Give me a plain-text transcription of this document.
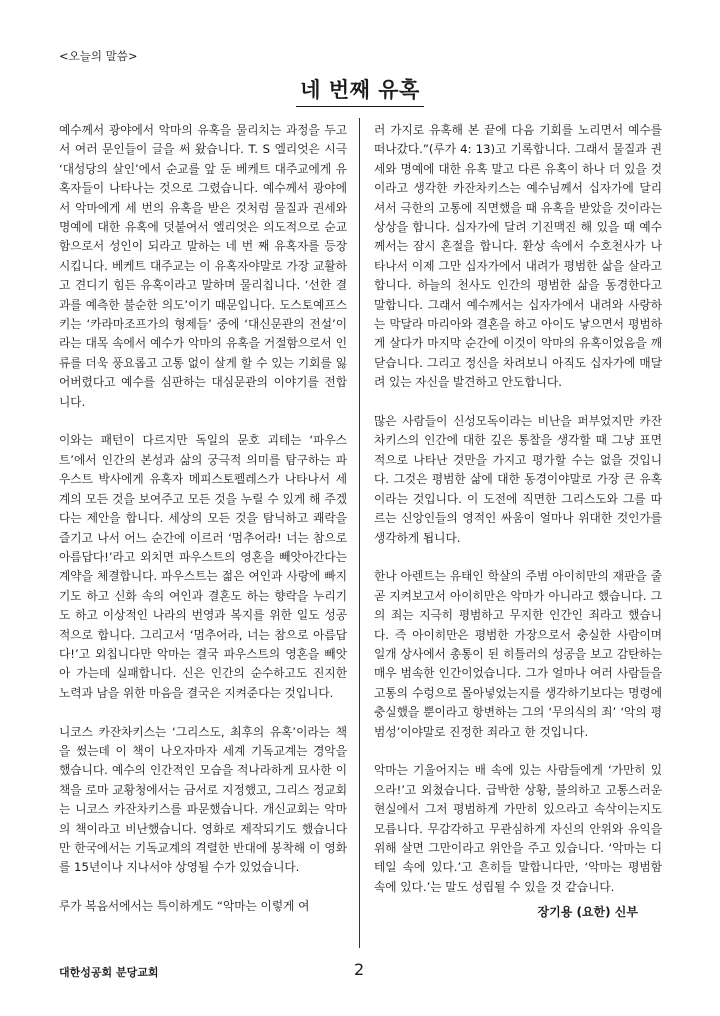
<오늘의 말씀>
네 번째 유혹

예수께서 광야에서 악마의 유혹을 물리치는 과정을 두고서 여러 문인들이 글을 써 왔습니다. T. S 엘리엇은 시극 ‘대성당의 살인’에서 순교를 앞 둔 베케트 대주교에게 유혹자들이 나타나는 것으로 그렸습니다. 예수께서 광야에서 악마에게 세 번의 유혹을 받은 것처럼 물질과 권세와 명예에 대한 유혹에 덧붙여서 엘리엇은 의도적으로 순교함으로서 성인이 되라고 말하는 네 번 째 유혹자를 등장시킵니다. 베케트 대주교는 이 유혹자야말로 가장 교활하고 견디기 힘든 유혹이라고 말하며 물리칩니다. ‘선한 결과를 예측한 불순한 의도’이기 때문입니다. 도스토예프스키는 ‘카라마조프가의 형제들’ 중에 ‘대신문관의 전설’이라는 대목 속에서 예수가 악마의 유혹을 거절함으로서 인류를 더욱 풍요롭고 고통 없이 살게 할 수 있는 기회를 잃어버렸다고 예수를 심판하는 대심문관의 이야기를 전합니다.

이와는 패턴이 다르지만 독일의 문호 괴테는 ‘파우스트’에서 인간의 본성과 삶의 궁극적 의미를 탐구하는 파우스트 박사에게 유혹자 메피스토펠레스가 나타나서 세계의 모든 것을 보여주고 모든 것을 누릴 수 있게 해 주겠다는 제안을 합니다. 세상의 모든 것을 탐닉하고 쾌락을 즐기고 나서 어느 순간에 이르러 ‘멈추어라! 너는 참으로 아름답다!’라고 외치면 파우스트의 영혼을 빼앗아간다는 계약을 체결합니다. 파우스트는 젊은 여인과 사랑에 빠지기도 하고 신화 속의 여인과 결혼도 하는 향락을 누리기도 하고 이상적인 나라의 번영과 복지를 위한 일도 성공적으로 합니다. 그리고서 ‘멈추어라, 너는 참으로 아름답다!’고 외칩니다만 악마는 결국 파우스트의 영혼을 빼앗아 가는데 실패합니다. 신은 인간의 순수하고도 진지한 노력과 남을 위한 마음을 결국은 지켜준다는 것입니다.

니코스 카잔차키스는 ‘그리스도, 최후의 유혹’이라는 책을 썼는데 이 책이 나오자마자 세계 기독교계는 경악을 했습니다. 예수의 인간적인 모습을 적나라하게 묘사한 이 책을 로마 교황청에서는 금서로 지정했고, 그리스 정교회는 니코스 카잔차키스를 파문했습니다. 개신교회는 악마의 책이라고 비난했습니다. 영화로 제작되기도 했습니다만 한국에서는 기독교계의 격렬한 반대에 봉착해 이 영화를 15년이나 지나서야 상영될 수가 있었습니다.

루가 복음서에서는 특이하게도 “악마는 이렇게 여

러 가지로 유혹해 본 끝에 다음 기회를 노리면서 예수를 떠나갔다.”(루가 4: 13)고 기록합니다. 그래서 물질과 권세와 명예에 대한 유혹 말고 다른 유혹이 하나 더 있을 것이라고 생각한 카잔차키스는 예수님께서 십자가에 달리셔서 극한의 고통에 직면했을 때 유혹을 받았을 것이라는 상상을 합니다. 십자가에 달려 기진맥진 해 있을 때 예수께서는 잠시 혼절을 합니다. 환상 속에서 수호천사가 나타나서 이제 그만 십자가에서 내려가 평범한 삶을 살라고 합니다. 하늘의 천사도 인간의 평범한 삶을 동경한다고 말합니다. 그래서 예수께서는 십자가에서 내려와 사랑하는 막달라 마리아와 결혼을 하고 아이도 낳으면서 평범하게 살다가 마지막 순간에 이것이 악마의 유혹이었음을 깨닫습니다. 그리고 정신을 차려보니 아직도 십자가에 매달려 있는 자신을 발견하고 안도합니다.

많은 사람들이 신성모독이라는 비난을 퍼부었지만 카잔차키스의 인간에 대한 깊은 통찰을 생각할 때 그냥 표면적으로 나타난 것만을 가지고 평가할 수는 없을 것입니다. 그것은 평범한 삶에 대한 동경이야말로 가장 큰 유혹이라는 것입니다. 이 도전에 직면한 그리스도와 그를 따르는 신앙인들의 영적인 싸움이 얼마나 위대한 것인가를 생각하게 됩니다.

한나 아렌트는 유태인 학살의 주범 아이히만의 재판을 줄곧 지켜보고서 아이히만은 악마가 아니라고 했습니다. 그의 죄는 지극히 평범하고 무지한 인간인 죄라고 했습니다. 즉 아이히만은 평범한 가장으로서 충실한 사람이며 일개 상사에서 총통이 된 히틀러의 성공을 보고 감탄하는 매우 범속한 인간이었습니다. 그가 얼마나 여러 사람들을 고통의 수렁으로 몰아넣었는지를 생각하기보다는 명령에 충실했을 뿐이라고 항변하는 그의 ‘무의식의 죄’ ‘악의 평범성’이야말로 진정한 죄라고 한 것입니다.

악마는 기울어지는 배 속에 있는 사람들에게 ‘가만히 있으라!’고 외쳤습니다. 급박한 상황, 불의하고 고통스러운 현실에서 그저 평범하게 가만히 있으라고 속삭이는지도 모릅니다. 무감각하고 무관심하게 자신의 안위와 유익을 위해 살면 그만이라고 위안을 주고 있습니다. ‘악마는 디테일 속에 있다.’고 흔히들 말합니다만, ‘악마는 평범함 속에 있다.’는 말도 성립될 수 있을 것 같습니다.

장기용 (요한) 신부
대한성공회 분당교회	2
